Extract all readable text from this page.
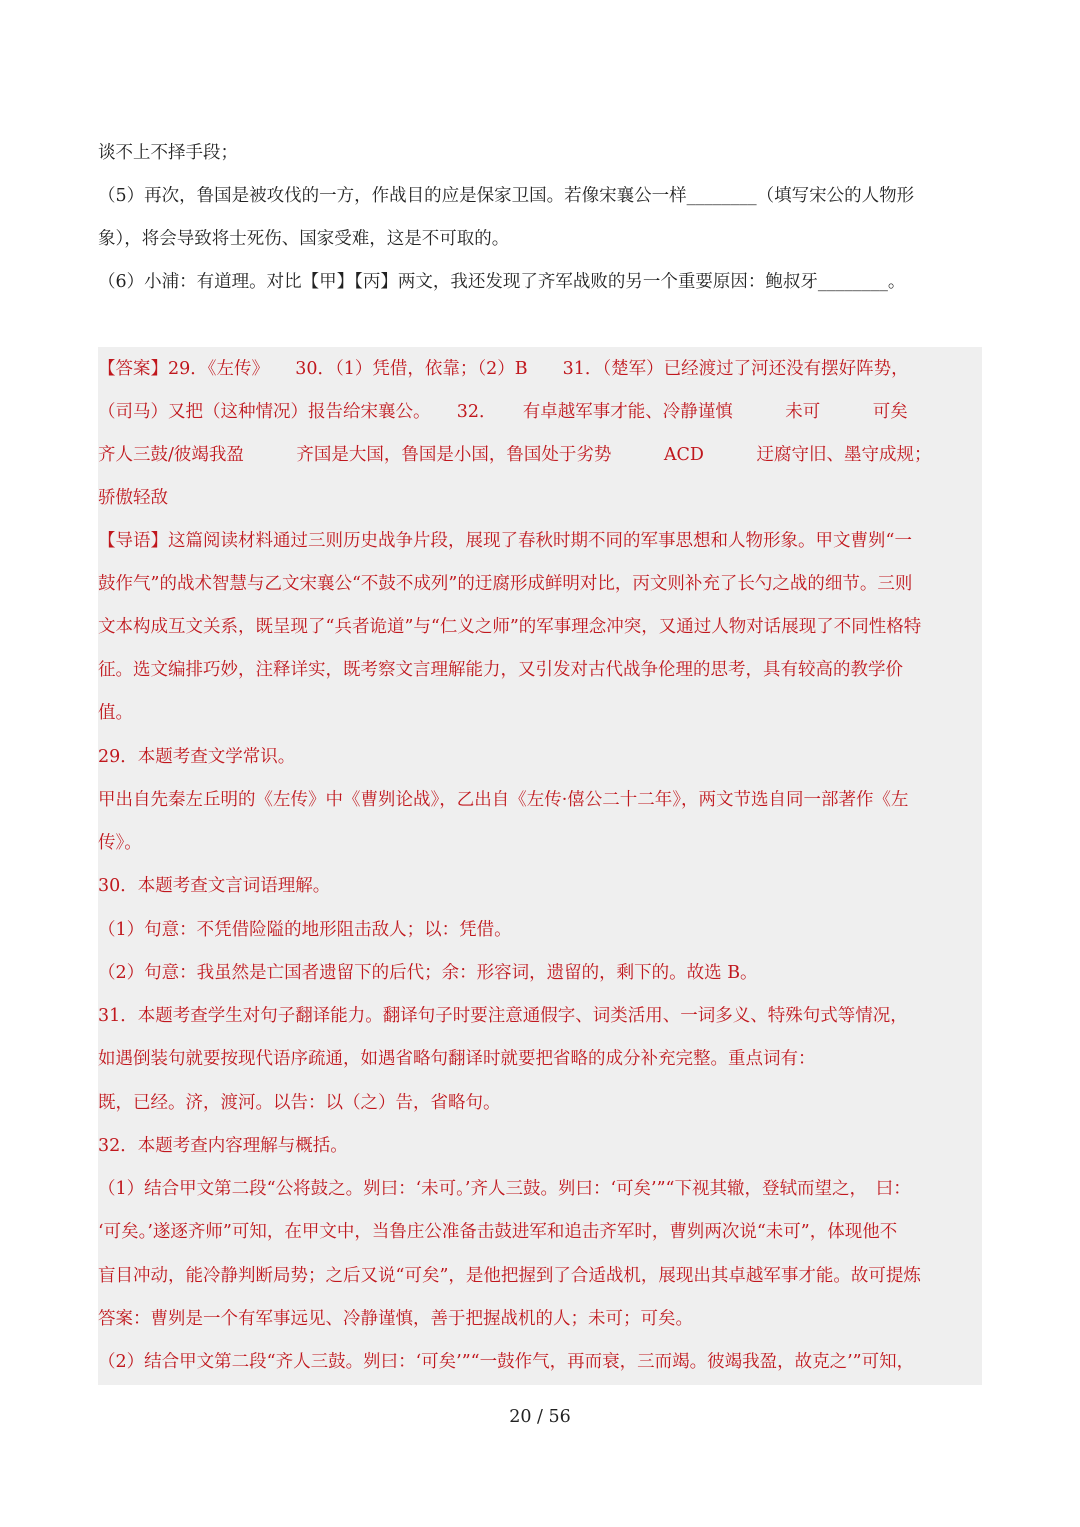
谈不上不择手段；
（5）再次，鲁国是被攻伐的一方，作战目的应是保家卫国。若像宋襄公一样________（填写宋公的人物形
象），将会导致将士死伤、国家受难，这是不可取的。
（6）小浦：有道理。对比【甲】【丙】两文，我还发现了齐军战败的另一个重要原因：鲍叔牙________。
【答案】29．《左传》　　30．（1）凭借，依靠；（2）B　　31．（楚军）已经渡过了河还没有摆好阵势，
（司马）又把（这种情况）报告给宋襄公。　　32．　　有卓越军事才能、冷静谨慎　　　未可　　　可矣
齐人三鼓/彼竭我盈　　　齐国是大国，鲁国是小国，鲁国处于劣势　　　ACD　　　迂腐守旧、墨守成规；
骄傲轻敌
【导语】这篇阅读材料通过三则历史战争片段，展现了春秋时期不同的军事思想和人物形象。甲文曹刿“一
鼓作气”的战术智慧与乙文宋襄公“不鼓不成列”的迂腐形成鲜明对比，丙文则补充了长勺之战的细节。三则
文本构成互文关系，既呈现了“兵者诡道”与“仁义之师”的军事理念冲突，又通过人物对话展现了不同性格特
征。选文编排巧妙，注释详实，既考察文言理解能力，又引发对古代战争伦理的思考，具有较高的教学价
值。
29．本题考查文学常识。
甲出自先秦左丘明的《左传》中《曹刿论战》，乙出自《左传·僖公二十二年》，两文节选自同一部著作《左
传》。
30．本题考查文言词语理解。
（1）句意：不凭借险隘的地形阻击敌人；以：凭借。
（2）句意：我虽然是亡国者遗留下的后代；余：形容词，遗留的，剩下的。故选 B。
31．本题考查学生对句子翻译能力。翻译句子时要注意通假字、词类活用、一词多义、特殊句式等情况，
如遇倒装句就要按现代语序疏通，如遇省略句翻译时就要把省略的成分补充完整。重点词有：
既，已经。济，渡河。以告：以（之）告，省略句。
32．本题考查内容理解与概括。
（1）结合甲文第二段“公将鼓之。刿曰：‘未可。’齐人三鼓。刿曰：‘可矣’”“下视其辙，登轼而望之，　曰：
‘可矣。’遂逐齐师”可知，在甲文中，当鲁庄公准备击鼓进军和追击齐军时，曹刿两次说“未可”，体现他不
盲目冲动，能冷静判断局势；之后又说“可矣”，是他把握到了合适战机，展现出其卓越军事才能。故可提炼
答案：曹刿是一个有军事远见、冷静谨慎，善于把握战机的人；未可；可矣。
（2）结合甲文第二段“齐人三鼓。刿曰：‘可矣’”“一鼓作气，再而衰，三而竭。彼竭我盈，故克之’”可知，
20 / 56
